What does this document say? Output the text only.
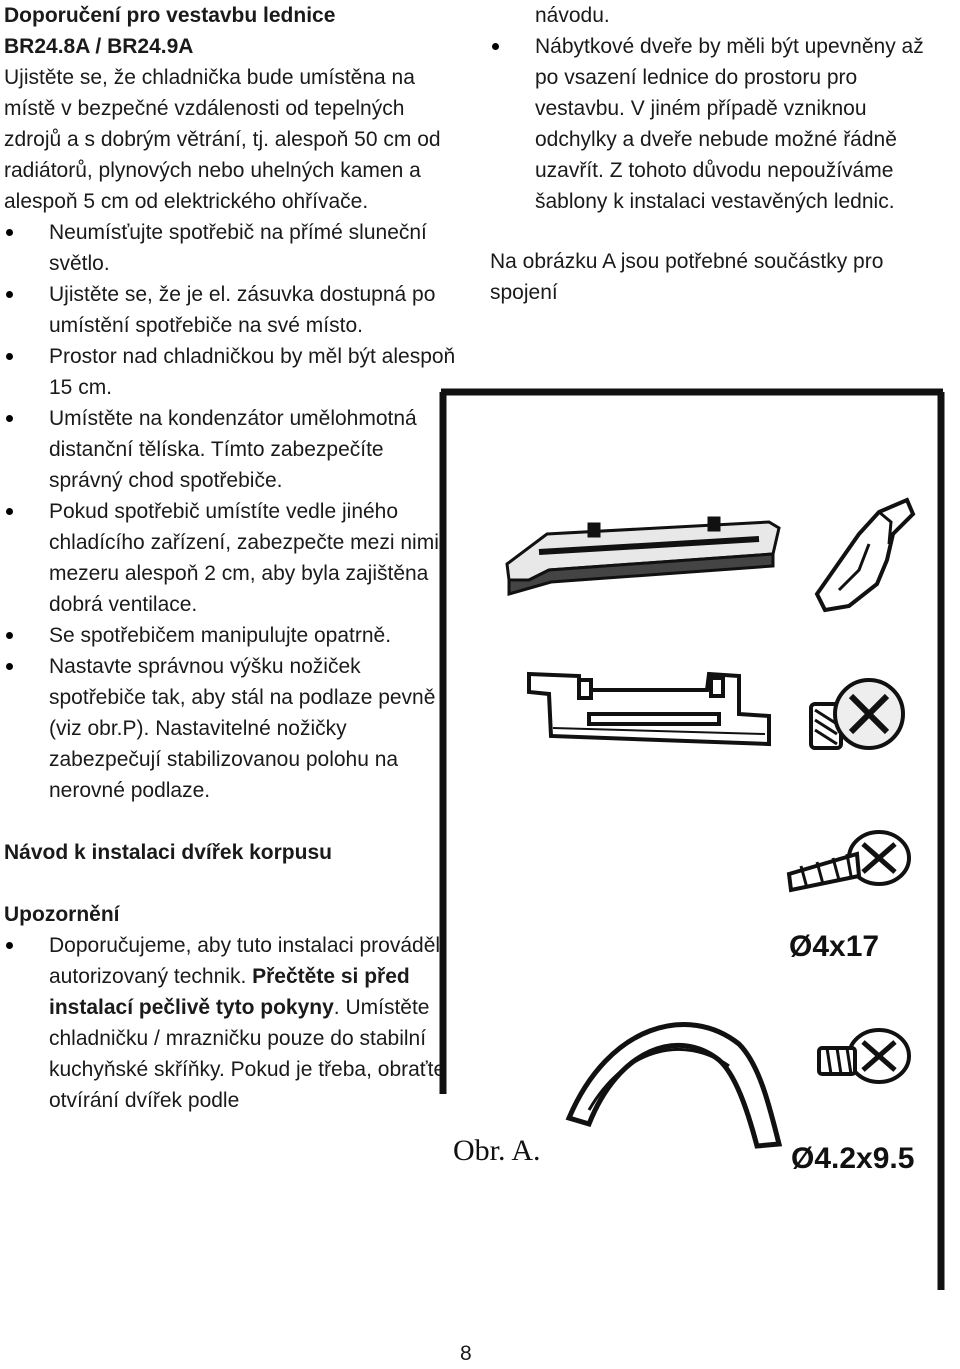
Doporučení pro vestavbu lednice

BR24.8A / BR24.9A

Ujistěte se, že chladnička bude umístěna na místě v bezpečné vzdálenosti od tepelných zdrojů a s dobrým větrání, tj. alespoň 50 cm od radiátorů, plynových nebo uhelných kamen a alespoň 5 cm od elektrického ohřívače.

Neumísťujte spotřebič na přímé sluneční světlo.
Ujistěte se, že je el. zásuvka dostupná po umístění spotřebiče na své místo.
Prostor nad chladničkou by měl být alespoň 15 cm.
Umístěte na kondenzátor umělohmotná distanční tělíska. Tímto zabezpečíte správný chod spotřebiče.
Pokud spotřebič umístíte vedle jiného chladícího zařízení, zabezpečte mezi nimi mezeru alespoň 2 cm, aby byla zajištěna dobrá ventilace.
Se spotřebičem manipulujte opatrně.
Nastavte správnou výšku nožiček spotřebiče tak, aby stál na podlaze pevně (viz obr.P). Nastavitelné nožičky zabezpečují stabilizovanou polohu na nerovné podlaze.

Návod k instalaci dvířek korpusu

Upozornění

Doporučujeme, aby tuto instalaci prováděl autorizovaný technik. Přečtěte si před instalací pečlivě tyto pokyny. Umístěte chladničku / mrazničku pouze do stabilní kuchyňské skříňky. Pokud je třeba, obraťte otvírání dvířek podle
návodu.
Nábytkové dveře by měli být upevněny až po vsazení lednice do prostoru pro vestavbu. V jiném případě vzniknou odchylky a dveře nebude možné řádně uzavřít. Z tohoto důvodu nepoužíváme šablony k instalaci vestavěných lednic.

Na obrázku A jsou potřebné součástky pro spojení

Ø4x17
Ø4.2x9.5
Obr. A.
8
